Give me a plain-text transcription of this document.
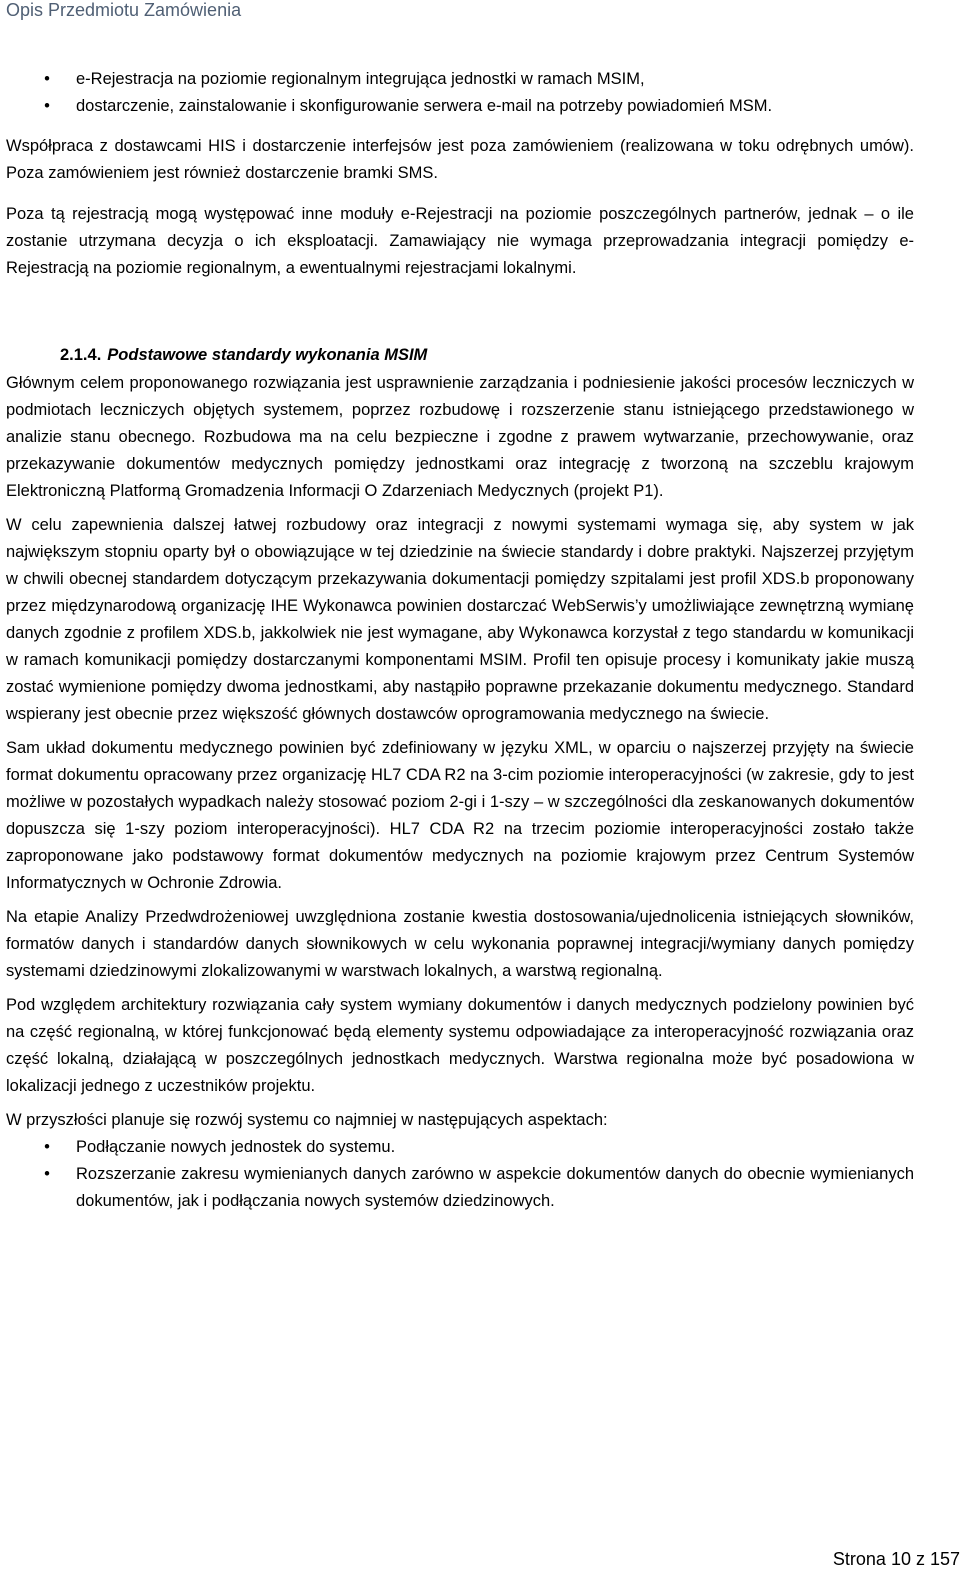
Opis Przedmiotu Zamówienia
• e-Rejestracja na poziomie regionalnym integrująca jednostki w ramach MSIM,
• dostarczenie, zainstalowanie i skonfigurowanie serwera e-mail na potrzeby powiadomień MSM.

Współpraca z dostawcami HIS i dostarczenie interfejsów jest poza zamówieniem (realizowana w toku odrębnych umów). Poza zamówieniem jest również dostarczenie bramki SMS.

Poza tą rejestracją mogą występować inne moduły e-Rejestracji na poziomie poszczególnych partnerów, jednak – o ile zostanie utrzymana decyzja o ich eksploatacji. Zamawiający nie wymaga przeprowadzania integracji pomiędzy e-Rejestracją na poziomie regionalnym, a ewentualnymi rejestracjami lokalnymi.

2.1.4. Podstawowe standardy wykonania MSIM

Głównym celem proponowanego rozwiązania jest usprawnienie zarządzania i podniesienie jakości procesów leczniczych w podmiotach leczniczych objętych systemem, poprzez rozbudowę i rozszerzenie stanu istniejącego przedstawionego w analizie stanu obecnego. Rozbudowa ma na celu bezpieczne i zgodne z prawem wytwarzanie, przechowywanie, oraz przekazywanie dokumentów medycznych pomiędzy jednostkami oraz integrację z tworzoną na szczeblu krajowym Elektroniczną Platformą Gromadzenia Informacji O Zdarzeniach Medycznych (projekt P1).

W celu zapewnienia dalszej łatwej rozbudowy oraz integracji z nowymi systemami wymaga się, aby system w jak największym stopniu oparty był o obowiązujące w tej dziedzinie na świecie standardy i dobre praktyki. Najszerzej przyjętym w chwili obecnej standardem dotyczącym przekazywania dokumentacji pomiędzy szpitalami jest profil XDS.b proponowany przez międzynarodową organizację IHE Wykonawca powinien dostarczać WebSerwis’y umożliwiające zewnętrzną wymianę danych zgodnie z profilem XDS.b, jakkolwiek nie jest wymagane, aby Wykonawca korzystał z tego standardu w komunikacji w ramach komunikacji pomiędzy dostarczanymi komponentami MSIM. Profil ten opisuje procesy i komunikaty jakie muszą zostać wymienione pomiędzy dwoma jednostkami, aby nastąpiło poprawne przekazanie dokumentu medycznego. Standard wspierany jest obecnie przez większość głównych dostawców oprogramowania medycznego na świecie.

Sam układ dokumentu medycznego powinien być zdefiniowany w języku XML, w oparciu o najszerzej przyjęty na świecie format dokumentu opracowany przez organizację HL7 CDA R2 na 3-cim poziomie interoperacyjności (w zakresie, gdy to jest możliwe w pozostałych wypadkach należy stosować poziom 2-gi i 1-szy – w szczególności dla zeskanowanych dokumentów dopuszcza się 1-szy poziom interoperacyjności). HL7 CDA R2 na trzecim poziomie interoperacyjności zostało także zaproponowane jako podstawowy format dokumentów medycznych na poziomie krajowym przez Centrum Systemów Informatycznych w Ochronie Zdrowia.

Na etapie Analizy Przedwdrożeniowej uwzględniona zostanie kwestia dostosowania/ujednolicenia istniejących słowników, formatów danych i standardów danych słownikowych w celu wykonania poprawnej integracji/wymiany danych pomiędzy systemami dziedzinowymi zlokalizowanymi w warstwach lokalnych, a warstwą regionalną.

Pod względem architektury rozwiązania cały system wymiany dokumentów i danych medycznych podzielony powinien być na część regionalną, w której funkcjonować będą elementy systemu odpowiadające za interoperacyjność rozwiązania oraz część lokalną, działającą w poszczególnych jednostkach medycznych. Warstwa regionalna może być posadowiona w lokalizacji jednego z uczestników projektu.

W przyszłości planuje się rozwój systemu co najmniej w następujących aspektach:

• Podłączanie nowych jednostek do systemu.
• Rozszerzanie zakresu wymienianych danych zarówno w aspekcie dokumentów danych do obecnie wymienianych dokumentów, jak i podłączania nowych systemów dziedzinowych.
Strona 10 z 157
